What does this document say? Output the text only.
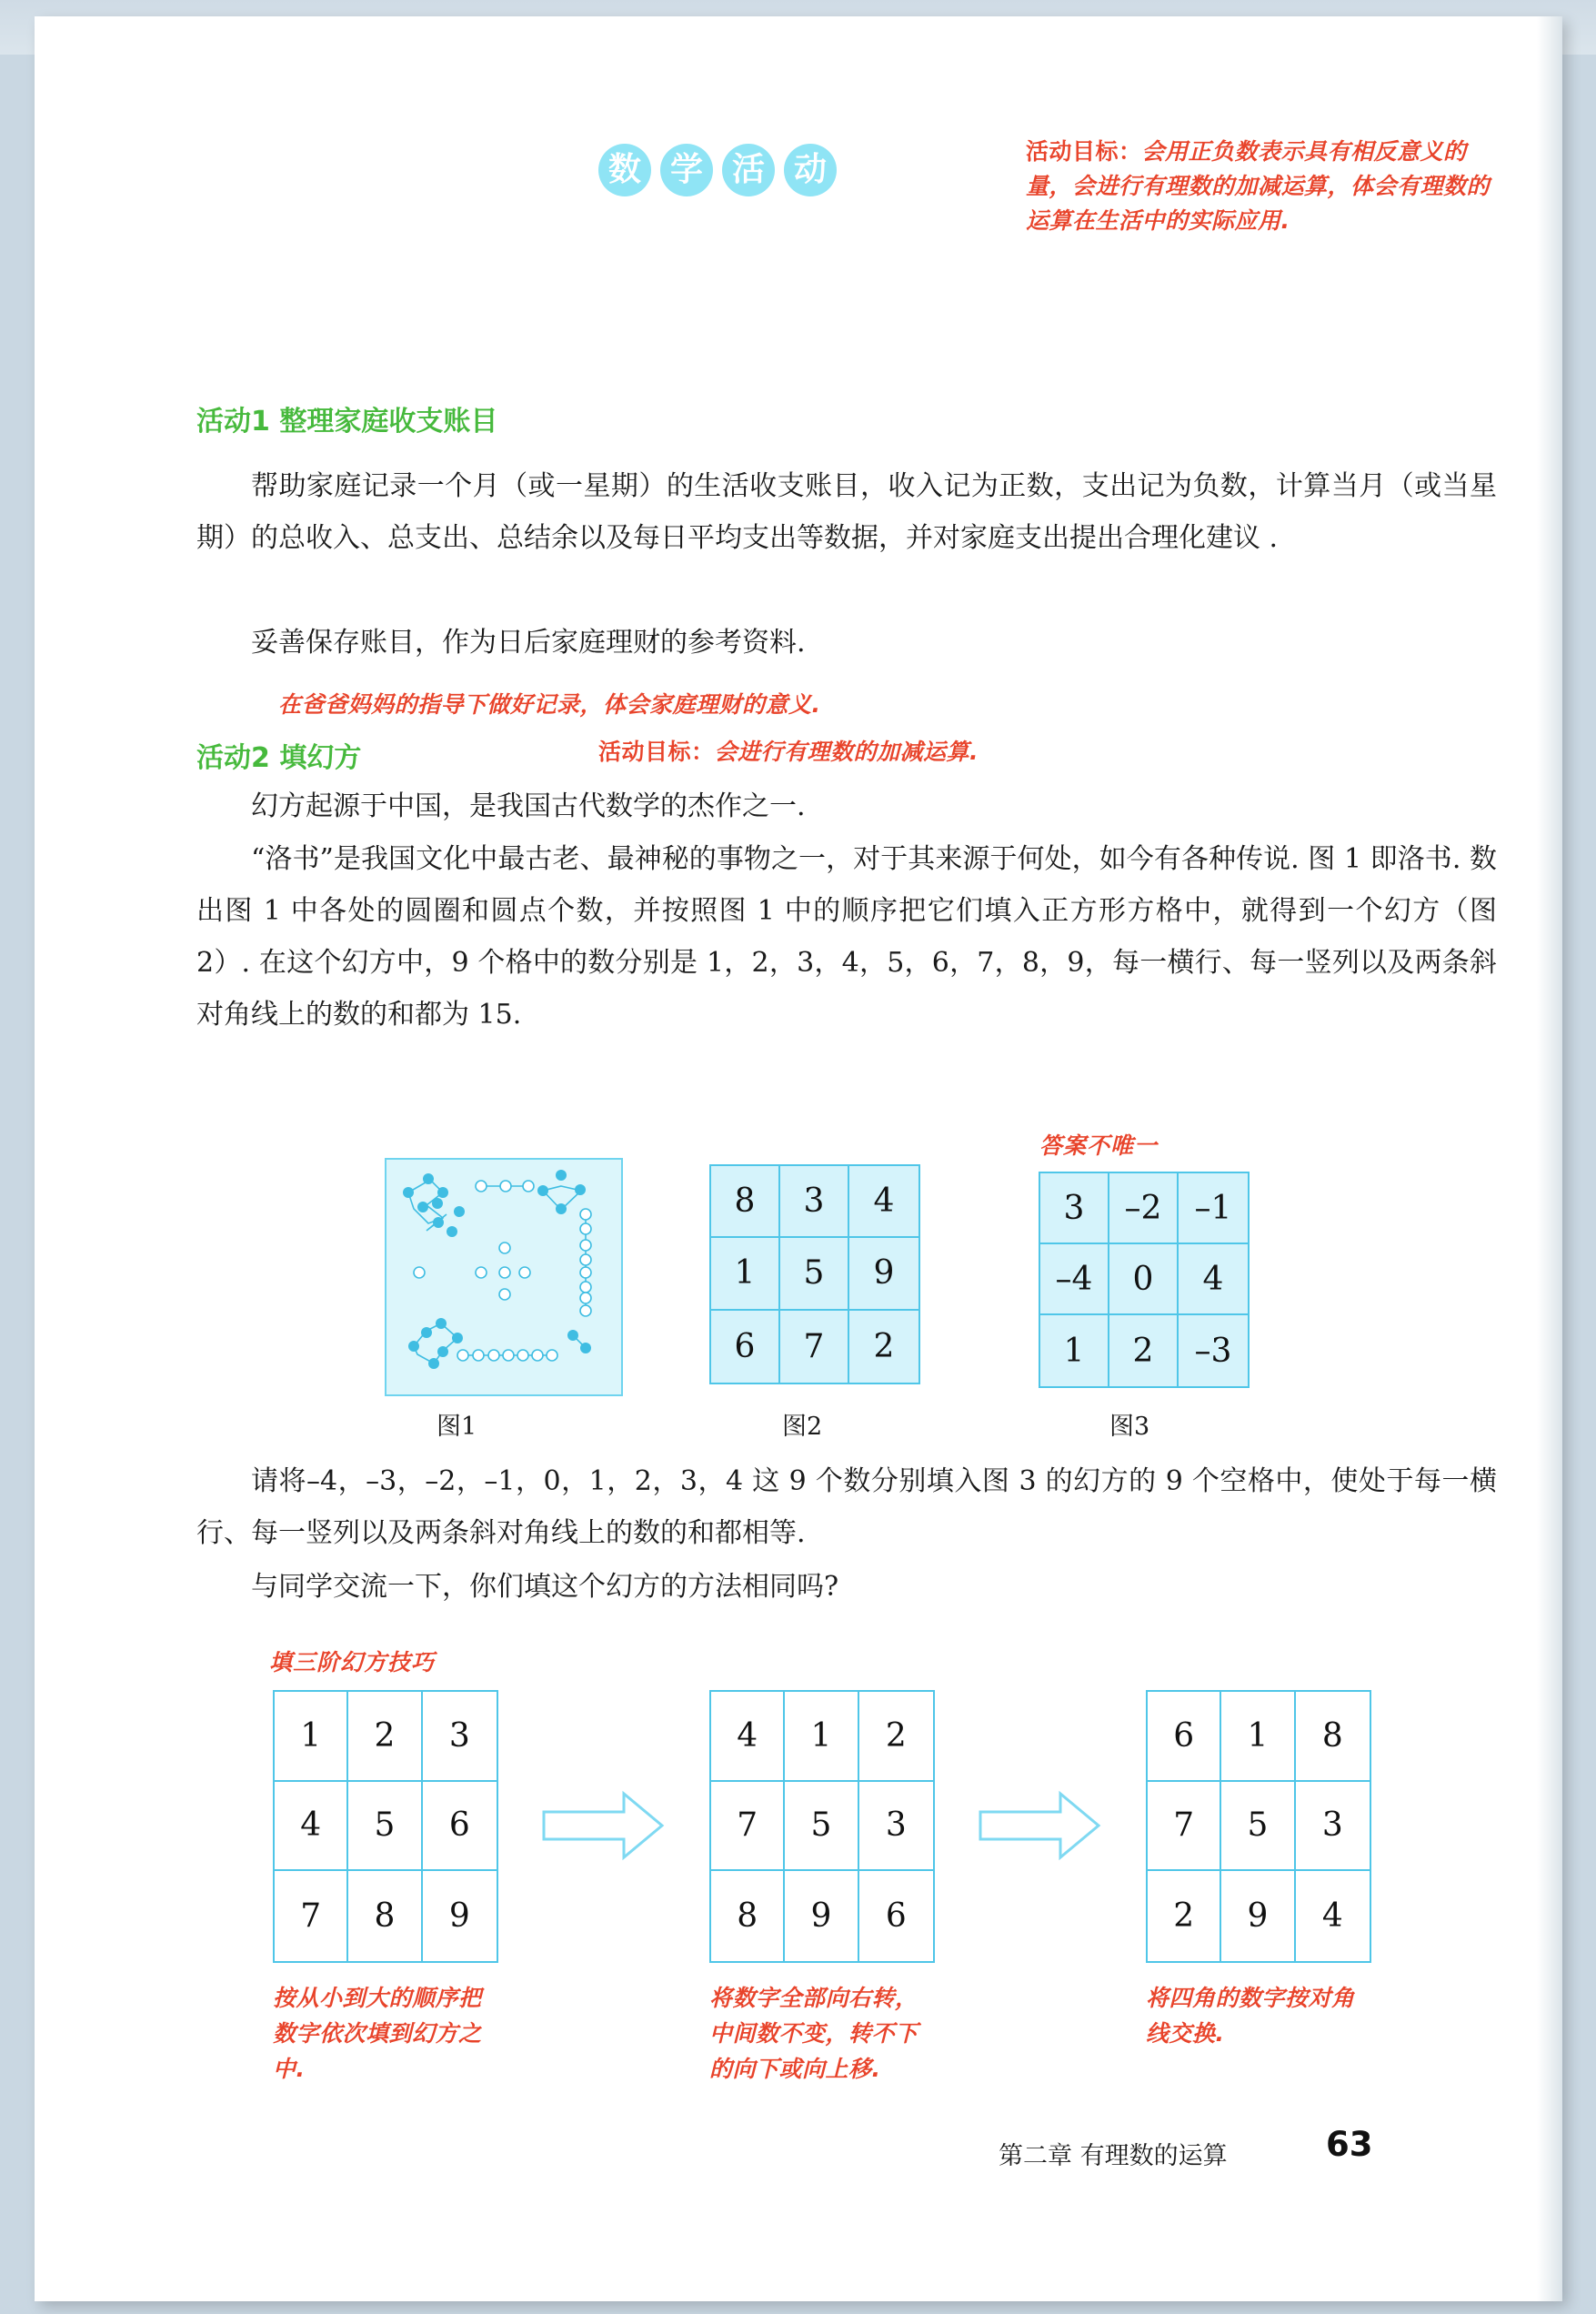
数 学 活 动	活动目标：会用正负数表示具有相反意义的量，会进行有理数的加减运算，体会有理数的运算在生活中的实际应用.
活动1 整理家庭收支账目
帮助家庭记录一个月（或一星期）的生活收支账目，收入记为正数，支出记为负数，计算当月（或当星期）的总收入、总支出、总结余以及每日平均支出等数据，并对家庭支出提出合理化建议 .
妥善保存账目，作为日后家庭理财的参考资料.
在爸爸妈妈的指导下做好记录，体会家庭理财的意义.
活动2 填幻方	活动目标：会进行有理数的加减运算.
幻方起源于中国，是我国古代数学的杰作之一.
“洛书”是我国文化中最古老、最神秘的事物之一，对于其来源于何处，如今有各种传说. 图 1 即洛书. 数出图 1 中各处的圆圈和圆点个数，并按照图 1 中的顺序把它们填入正方形方格中，就得到一个幻方（图 2）. 在这个幻方中，9 个格中的数分别是 1，2，3，4，5，6，7，8，9，每一横行、每一竖列以及两条斜对角线上的数的和都为 15.
8	3	4
1	5	9
6	7	2
答案不唯一
3	–2	–1
–4	0	4
1	2	–3
图1	图2	图3
请将–4，–3，–2，–1，0，1，2，3，4 这 9 个数分别填入图 3 的幻方的 9 个空格中，使处于每一横行、每一竖列以及两条斜对角线上的数的和都相等.
与同学交流一下，你们填这个幻方的方法相同吗?
填三阶幻方技巧
1	2	3
4	5	6
7	8	9
4	1	2
7	5	3
8	9	6
6	1	8
7	5	3
2	9	4
按从小到大的顺序把数字依次填到幻方之中.
将数字全部向右转，中间数不变，转不下的向下或向上移.
将四角的数字按对角线交换.
第二章 有理数的运算	63
